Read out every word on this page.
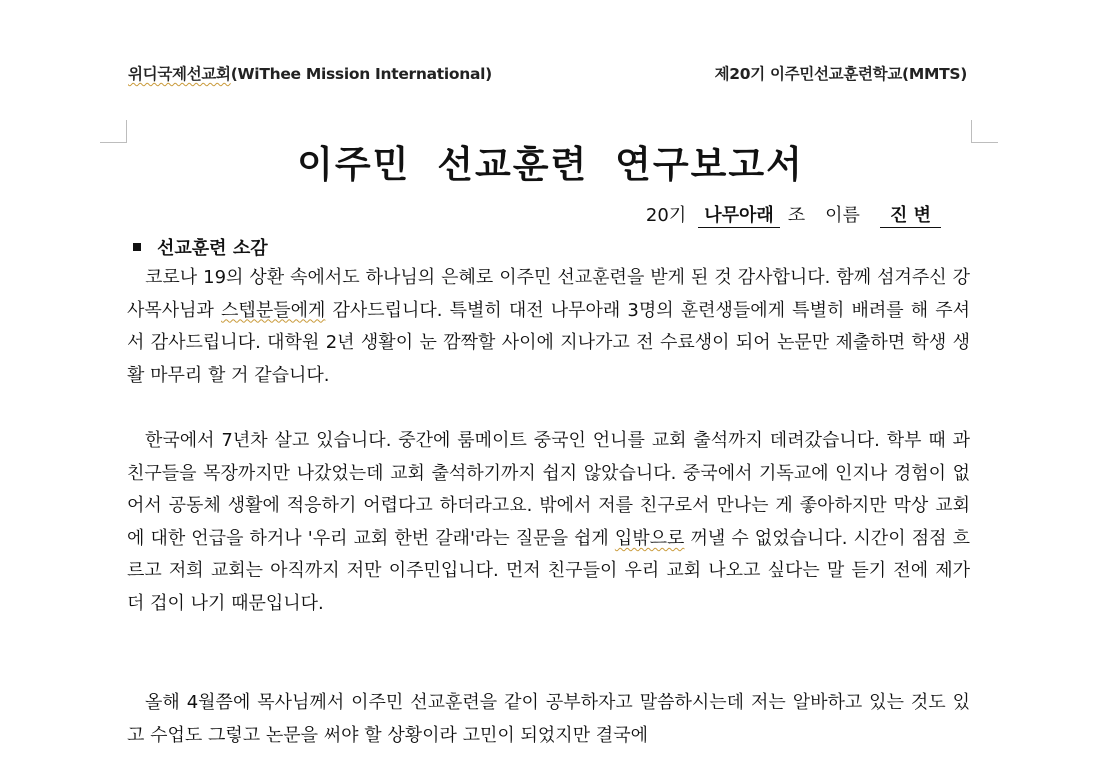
위디국제선교회(WiThee Mission International)	제20기 이주민선교훈련학교(MMTS)
이주민 선교훈련 연구보고서
20기	나무아래 조 이름	진 변
선교훈련 소감

코로나 19의 상환 속에서도 하나님의 은혜로 이주민 선교훈련을 받게 된 것 감사합니다. 함께 섬겨주신 강사목사님과 스텝분들에게 감사드립니다. 특별히 대전 나무아래 3명의 훈련생들에게 특별히 배려를 해 주셔서 감사드립니다. 대학원 2년 생활이 눈 깜짝할 사이에 지나가고 전 수료생이 되어 논문만 제출하면 학생 생활 마무리 할 거 같습니다.

한국에서 7년차 살고 있습니다. 중간에 룸메이트 중국인 언니를 교회 출석까지 데려갔습니다. 학부 때 과 친구들을 목장까지만 나갔었는데 교회 출석하기까지 쉽지 않았습니다. 중국에서 기독교에 인지나 경험이 없어서 공동체 생활에 적응하기 어렵다고 하더라고요. 밖에서 저를 친구로서 만나는 게 좋아하지만 막상 교회에 대한 언급을 하거나 '우리 교회 한번 갈래'라는 질문을 쉽게 입밖으로 꺼낼 수 없었습니다. 시간이 점점 흐르고 저희 교회는 아직까지 저만 이주민입니다. 먼저 친구들이 우리 교회 나오고 싶다는 말 듣기 전에 제가 더 겁이 나기 때문입니다.

올해 4월쯤에 목사님께서 이주민 선교훈련을 같이 공부하자고 말씀하시는데 저는 알바하고 있는 것도 있고 수업도 그렇고 논문을 써야 할 상황이라 고민이 되었지만 결국에
